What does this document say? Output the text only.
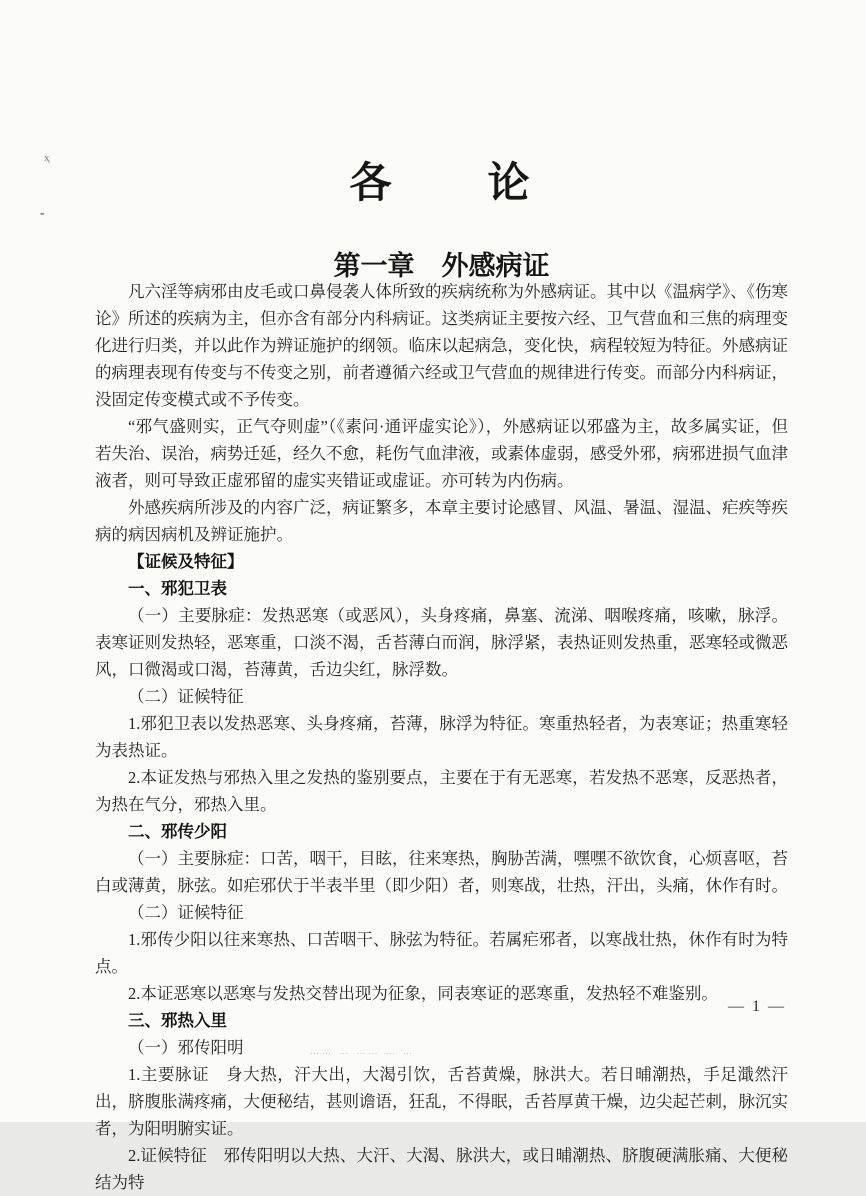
ҳ
-
各　　论
第一章　外感病证

凡六淫等病邪由皮毛或口鼻侵袭人体所致的疾病统称为外感病证。其中以《温病学》、《伤寒论》所述的疾病为主，但亦含有部分内科病证。这类病证主要按六经、卫气营血和三焦的病理变化进行归类，并以此作为辨证施护的纲领。临床以起病急，变化快，病程较短为特征。外感病证的病理表现有传变与不传变之别，前者遵循六经或卫气营血的规律进行传变。而部分内科病证，没固定传变模式或不予传变。

“邪气盛则实，正气夺则虚”（《素问·通评虚实论》），外感病证以邪盛为主，故多属实证，但若失治、误治，病势迁延，经久不愈，耗伤气血津液，或素体虚弱，感受外邪，病邪进损气血津液者，则可导致正虚邪留的虚实夹错证或虚证。亦可转为内伤病。

外感疾病所涉及的内容广泛，病证繁多，本章主要讨论感冒、风温、暑温、湿温、疟疾等疾病的病因病机及辨证施护。

【证候及特征】

一、邪犯卫表

（一）主要脉症：发热恶寒（或恶风），头身疼痛，鼻塞、流涕、咽喉疼痛，咳嗽，脉浮。表寒证则发热轻，恶寒重，口淡不渴，舌苔薄白而润，脉浮紧，表热证则发热重，恶寒轻或微恶风，口微渴或口渴，苔薄黄，舌边尖红，脉浮数。

（二）证候特征

1.邪犯卫表以发热恶寒、头身疼痛，苔薄，脉浮为特征。寒重热轻者，为表寒证；热重寒轻为表热证。

2.本证发热与邪热入里之发热的鉴别要点，主要在于有无恶寒，若发热不恶寒，反恶热者，为热在气分，邪热入里。

二、邪传少阳

（一）主要脉症：口苦，咽干，目眩，往来寒热，胸胁苦满，嘿嘿不欲饮食，心烦喜呕，苔白或薄黄，脉弦。如疟邪伏于半表半里（即少阳）者，则寒战，壮热，汗出，头痛，休作有时。

（二）证候特征

1.邪传少阳以往来寒热、口苦咽干、脉弦为特征。若属疟邪者，以寒战壮热，休作有时为特点。

2.本证恶寒以恶寒与发热交替出现为征象，同表寒证的恶寒重，发热轻不难鉴别。

三、邪热入里

（一）邪传阳明

1.主要脉证　身大热，汗大出，大渴引饮，舌苔黄燥，脉洪大。若日晡潮热，手足濈然汗出，脐腹胀满疼痛，大便秘结，甚则谵语，狂乱，不得眠，舌苔厚黄干燥，边尖起芒刺，脉沉实者，为阳明腑实证。

2.证候特征　邪传阳明以大热、大汗、大渴、脉洪大，或日晡潮热、脐腹硬满胀痛、大便秘结为特

— 1 —
⋯⋯ ⋯ ⋯⋯ ⋯ ⋯
